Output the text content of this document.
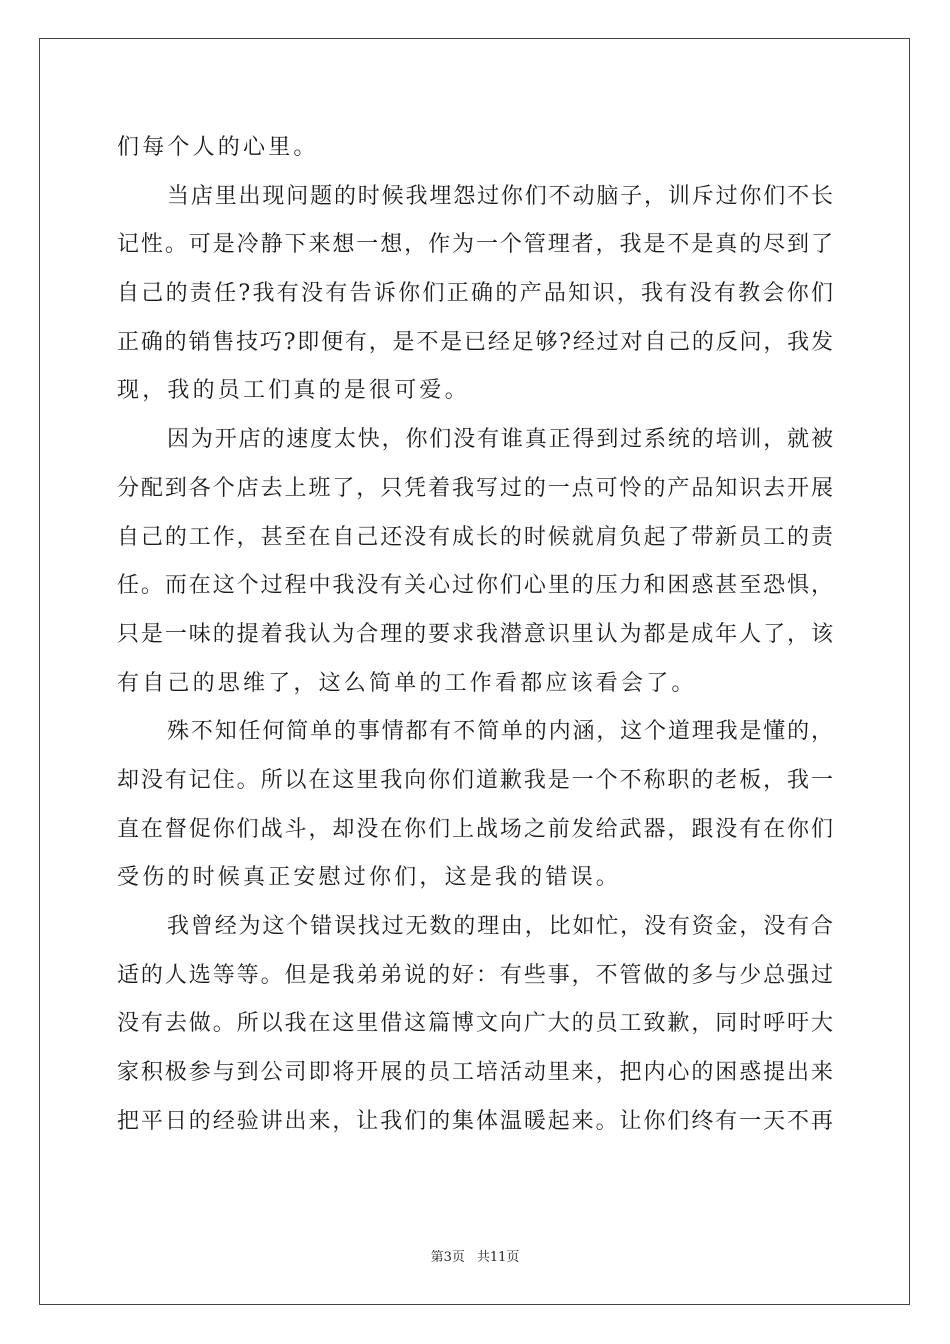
们每个人的心里。
当店里出现问题的时候我埋怨过你们不动脑子，训斥过你们不长
记性。可是冷静下来想一想，作为一个管理者，我是不是真的尽到了
自己的责任?我有没有告诉你们正确的产品知识，我有没有教会你们
正确的销售技巧?即便有，是不是已经足够?经过对自己的反问，我发
现，我的员工们真的是很可爱。
因为开店的速度太快，你们没有谁真正得到过系统的培训，就被
分配到各个店去上班了，只凭着我写过的一点可怜的产品知识去开展
自己的工作，甚至在自己还没有成长的时候就肩负起了带新员工的责
任。而在这个过程中我没有关心过你们心里的压力和困惑甚至恐惧，
只是一味的提着我认为合理的要求我潜意识里认为都是成年人了，该
有自己的思维了，这么简单的工作看都应该看会了。
殊不知任何简单的事情都有不简单的内涵，这个道理我是懂的，
却没有记住。所以在这里我向你们道歉我是一个不称职的老板，我一
直在督促你们战斗，却没在你们上战场之前发给武器，跟没有在你们
受伤的时候真正安慰过你们，这是我的错误。
我曾经为这个错误找过无数的理由，比如忙，没有资金，没有合
适的人选等等。但是我弟弟说的好：有些事，不管做的多与少总强过
没有去做。所以我在这里借这篇博文向广大的员工致歉，同时呼吁大
家积极参与到公司即将开展的员工培活动里来，把内心的困惑提出来
把平日的经验讲出来，让我们的集体温暖起来。让你们终有一天不再
第3页 共11页
